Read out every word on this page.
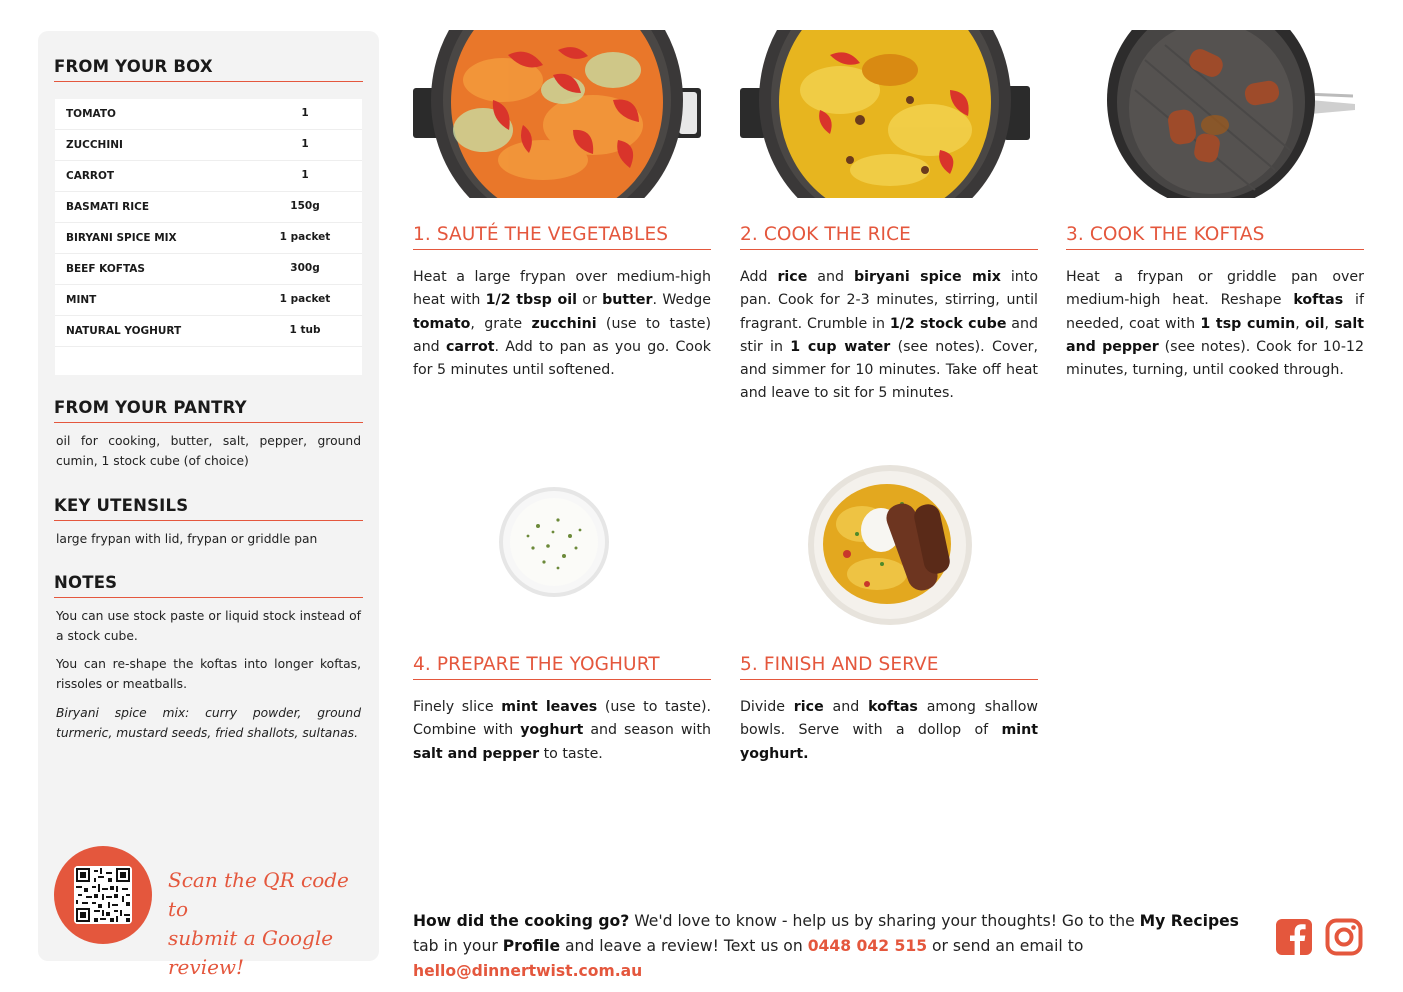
FROM YOUR BOX
TOMATO	1
ZUCCHINI	1
CARROT	1
BASMATI RICE	150g
BIRYANI SPICE MIX	1 packet
BEEF KOFTAS	300g
MINT	1 packet
NATURAL YOGHURT	1 tub
FROM YOUR PANTRY
oil for cooking, butter, salt, pepper, ground cumin, 1 stock cube (of choice)
KEY UTENSILS
large frypan with lid, frypan or griddle pan
NOTES
You can use stock paste or liquid stock instead of a stock cube.
You can re-shape the koftas into longer koftas, rissoles or meatballs.
Biryani spice mix: curry powder, ground turmeric, mustard seeds, fried shallots, sultanas.
Scan the QR code to
submit a Google review!
1. SAUTÉ THE VEGETABLES
Heat a large frypan over medium-high heat with 1/2 tbsp oil or butter. Wedge tomato, grate zucchini (use to taste) and carrot. Add to pan as you go. Cook for 5 minutes until softened.
2. COOK THE RICE
Add rice and biryani spice mix into pan. Cook for 2-3 minutes, stirring, until fragrant. Crumble in 1/2 stock cube and stir in 1 cup water (see notes). Cover, and simmer for 10 minutes. Take off heat and leave to sit for 5 minutes.
3. COOK THE KOFTAS
Heat a frypan or griddle pan over medium-high heat. Reshape koftas if needed, coat with 1 tsp cumin, oil, salt and pepper (see notes). Cook for 10-12 minutes, turning, until cooked through.
4. PREPARE THE YOGHURT
Finely slice mint leaves (use to taste). Combine with yoghurt and season with salt and pepper to taste.
5. FINISH AND SERVE
Divide rice and koftas among shallow bowls. Serve with a dollop of mint yoghurt.
How did the cooking go? We'd love to know - help us by sharing your thoughts! Go to the My Recipes tab in your Profile and leave a review! Text us on 0448 042 515 or send an email to hello@dinnertwist.com.au
